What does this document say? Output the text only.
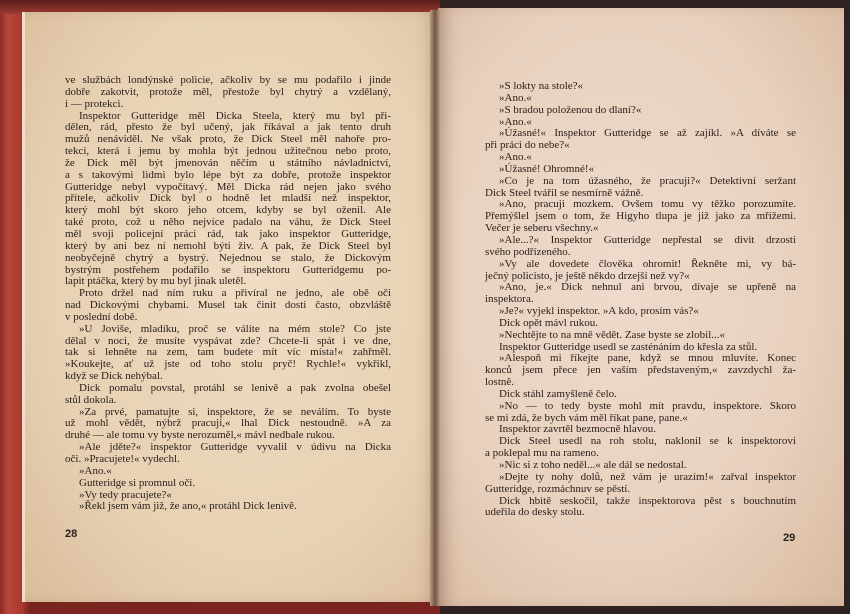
ve službách londýnské policie, ačkoliv by se mu podařilo i jinde
dobře zakotvit, protože měl, přestože byl chytrý a vzdělaný,
i — protekci.
Inspektor Gutteridge měl Dicka Steela, který mu byl při-
dělen, rád, přesto že byl učený, jak říkával a jak tento druh
mužů nenáviděl. Ne však proto, že Dick Steel měl nahoře pro-
tekci, která i jemu by mohla být jednou užitečnou nebo proto,
že Dick měl být jmenován něčím u státního návladnictví,
a s takovými lidmi bylo lépe být za dobře, protože inspektor
Gutteridge nebyl vypočítavý. Měl Dicka rád nejen jako svého
přítele, ačkoliv Dick byl o hodně let mladší než inspektor,
který mohl být skoro jeho otcem, kdyby se byl oženil. Ale
také proto, což u něho nejvíce padalo na váhu, že Dick Steel
měl svoji policejní práci rád, tak jako inspektor Gutteridge,
který by ani bez ní nemohl býti živ. A pak, že Dick Steel byl
neobyčejně chytrý a bystrý. Nejednou se stalo, že Dickovým
bystrým postřehem podařilo se inspektoru Gutteridgemu po-
lapit ptáčka, který by mu byl jinak uletěl.
Proto držel nad ním ruku a přivíral ne jedno, ale obě oči
nad Dickovými chybami. Musel tak činit dosti často, obzvláště
v poslední době.
»U Joviše, mladíku, proč se válíte na mém stole? Co jste
dělal v noci, že musíte vyspávat zde? Chcete-li spát i ve dne,
tak si lehněte na zem, tam budete mít víc místa!« zahřměl.
»Koukejte, ať už jste od toho stolu pryč! Rychle!« vykřikl,
když se Dick nehýbal.
Dick pomalu povstal, protáhl se lenivě a pak zvolna obešel
stůl dokola.
»Za prvé, pamatujte si, inspektore, že se neválím. To byste
už mohl vědět, nýbrž pracuji,« lhal Dick nestoudně. »A za
druhé — ale tomu vy byste nerozuměl,« mávl nedbale rukou.
»Ale jděte?« inspektor Gutteridge vyvalil v údivu na Dicka
oči. »Pracujete!« vydechl.
»Ano.«
Gutteridge si promnul oči.
»Vy tedy pracujete?«
»Řekl jsem vám již, že ano,« protáhl Dick lenivě.
28
»S lokty na stole?«
»Ano.«
»S bradou položenou do dlaní?«
»Ano.«
»Úžasné!« Inspektor Gutteridge se až zajíkl. »A díváte se
při práci do nebe?«
»Ano.«
»Úžasné! Ohromné!«
»Co je na tom úžasného, že pracuji?« Detektivní seržant
Dick Steel tvářil se nesmírně vážně.
»Ano, pracuji mozkem. Ovšem tomu vy těžko porozumíte.
Přemýšlel jsem o tom, že Higyho tlupa je již jako za mřížemi.
Večer je seberu všechny.«
»Ale...?« Inspektor Gutteridge nepřestal se divit drzosti
svého podřízeného.
»Vy ale dovedete člověka ohromit! Řekněte mi, vy bá-
ječný policisto, je ještě někdo drzejší než vy?«
»Ano, je.« Dick nehnul ani brvou, dívaje se upřeně na
inspektora.
»Je?« vyjekl inspektor. »A kdo, prosím vás?«
Dick opět mávl rukou.
»Nechtějte to na mně vědět. Zase byste se zlobil...«
Inspektor Gutteridge usedl se zasténáním do křesla za stůl.
»Alespoň mi říkejte pane, když se mnou mluvíte. Konec
konců jsem přece jen vaším představeným,« zavzdychl ža-
lostně.
Dick stáhl zamyšleně čelo.
»No — to tedy byste mohl mít pravdu, inspektore. Skoro
se mi zdá, že bych vám měl říkat pane, pane.«
Inspektor zavrtěl bezmocně hlavou.
Dick Steel usedl na roh stolu, naklonil se k inspektorovi
a poklepal mu na rameno.
»Nic si z toho neděl...« ale dál se nedostal.
»Dejte ty nohy dolů, než vám je urazím!« zařval inspektor
Gutteridge, rozmáchnuv se pěstí.
Dick hbitě seskočil, takže inspektorova pěst s bouchnutím
udeřila do desky stolu.
29
